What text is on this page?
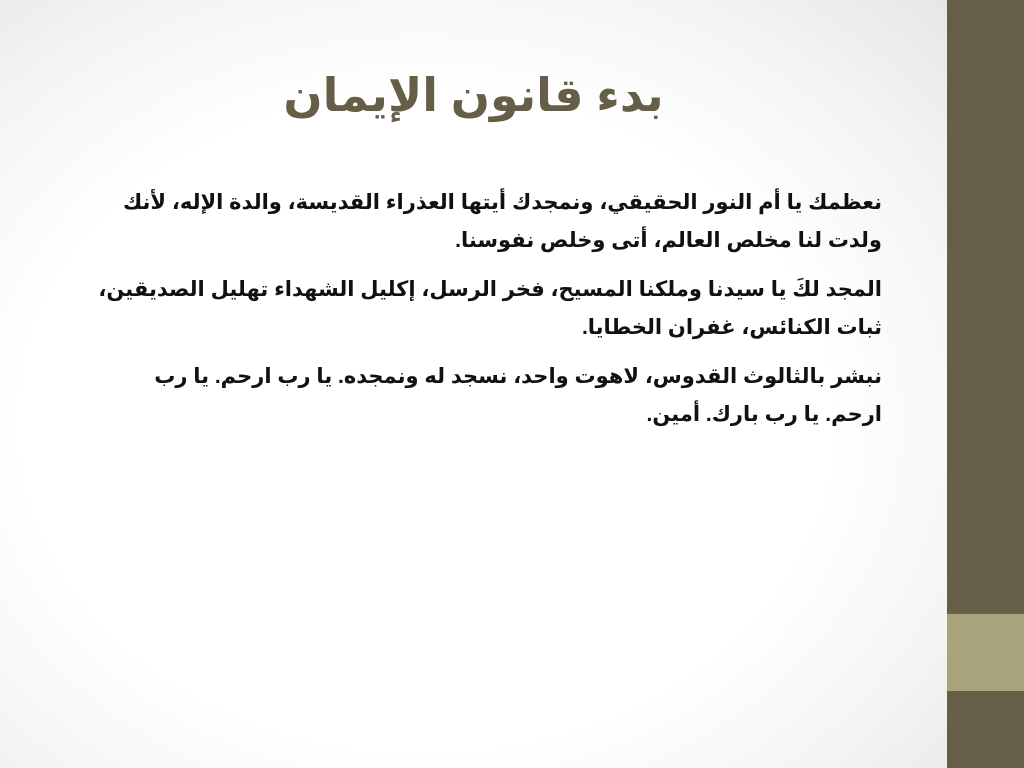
بدء قانون الإيمان

نعظمك يا أم النور الحقيقي، ونمجدك أيتها العذراء القديسة، والدة الإله، لأنك ولدت لنا مخلص العالم، أتى وخلص نفوسنا.

المجد لكَ يا سيدنا وملكنا المسيح، فخر الرسل، إكليل الشهداء تهليل الصديقين، ثبات الكنائس، غفران الخطايا.

نبشر بالثالوث القدوس، لاهوت واحد، نسجد له ونمجده. يا رب ارحم. يا رب ارحم. يا رب بارك. أمين.
